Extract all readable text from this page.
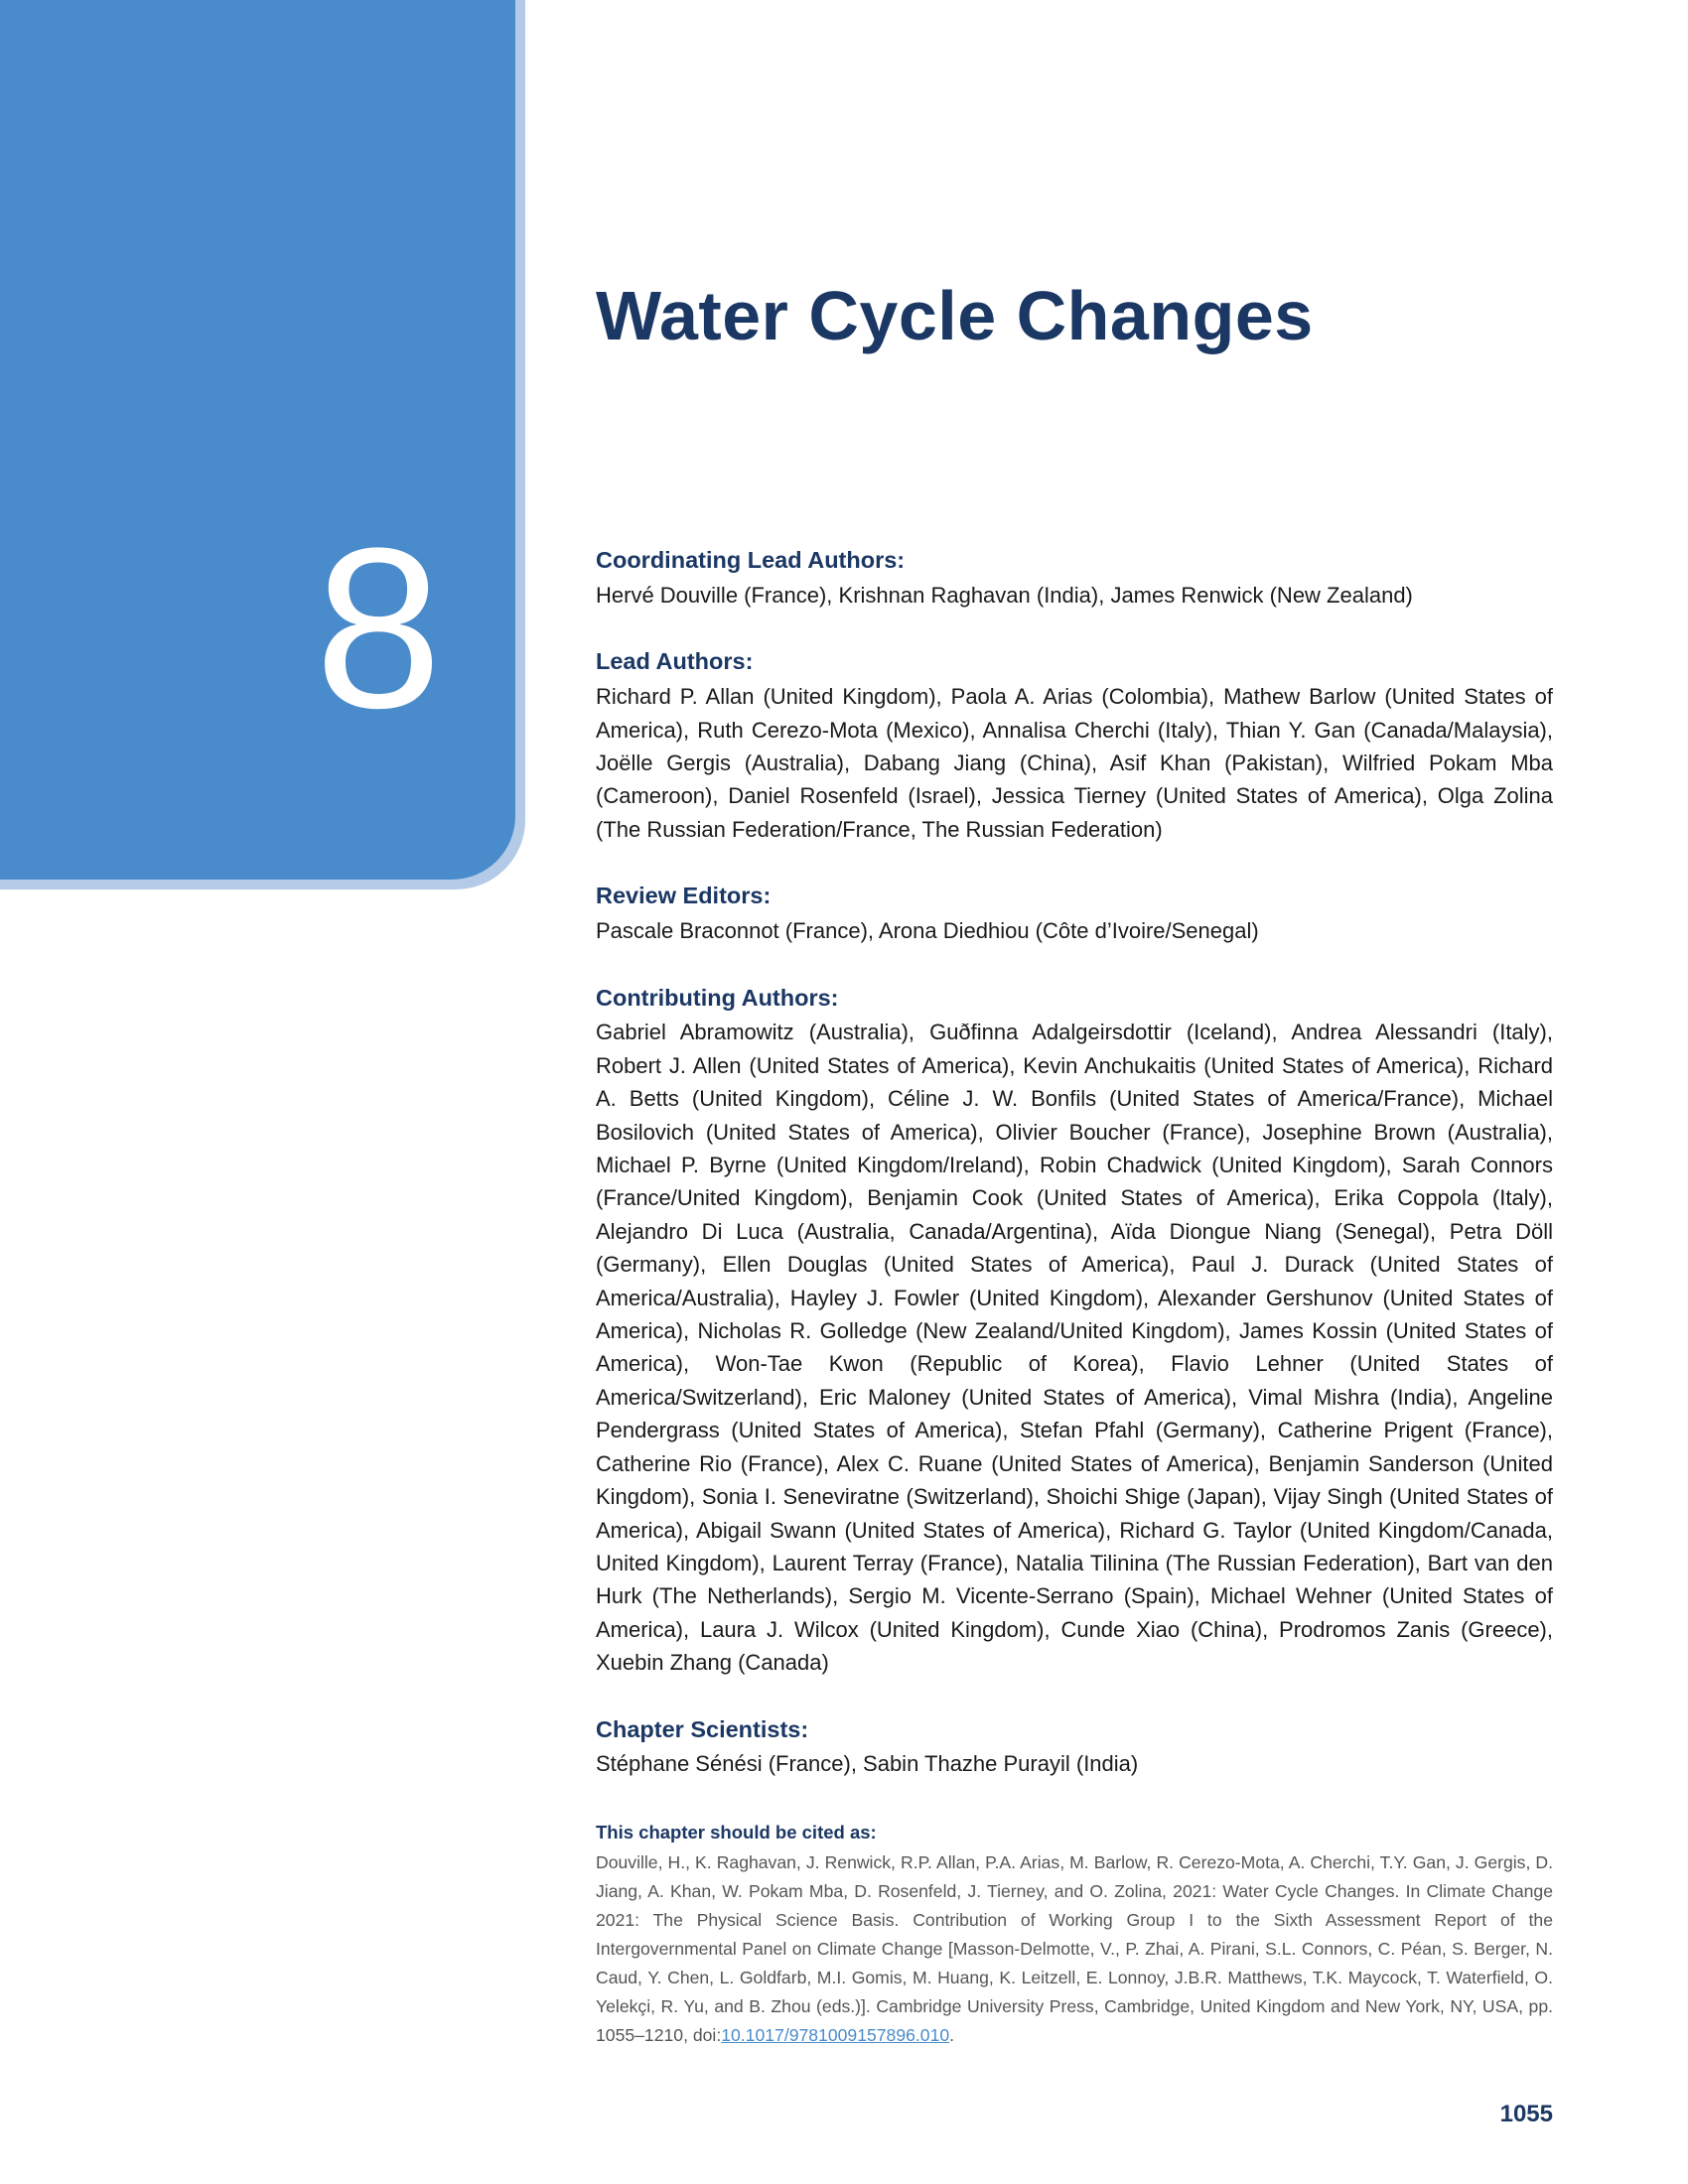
8
Water Cycle Changes
Coordinating Lead Authors:

Hervé Douville (France), Krishnan Raghavan (India), James Renwick (New Zealand)

Lead Authors:

Richard P. Allan (United Kingdom), Paola A. Arias (Colombia), Mathew Barlow (United States of America), Ruth Cerezo-Mota (Mexico), Annalisa Cherchi (Italy), Thian Y. Gan (Canada/Malaysia), Joëlle Gergis (Australia), Dabang Jiang (China), Asif Khan (Pakistan), Wilfried Pokam Mba (Cameroon), Daniel Rosenfeld (Israel), Jessica Tierney (United States of America), Olga Zolina (The Russian Federation/France, The Russian Federation)

Review Editors:

Pascale Braconnot (France), Arona Diedhiou (Côte d’Ivoire/Senegal)

Contributing Authors:

Gabriel Abramowitz (Australia), Guðfinna Adalgeirsdottir (Iceland), Andrea Alessandri (Italy), Robert J. Allen (United States of America), Kevin Anchukaitis (United States of America), Richard A. Betts (United Kingdom), Céline J. W. Bonfils (United States of America/France), Michael Bosilovich (United States of America), Olivier Boucher (France), Josephine Brown (Australia), Michael P. Byrne (United Kingdom/Ireland), Robin Chadwick (United Kingdom), Sarah Connors (France/United Kingdom), Benjamin Cook (United States of America), Erika Coppola (Italy), Alejandro Di Luca (Australia, Canada/Argentina), Aïda Diongue Niang (Senegal), Petra Döll (Germany), Ellen Douglas (United States of America), Paul J. Durack (United States of America/Australia), Hayley J. Fowler (United Kingdom), Alexander Gershunov (United States of America), Nicholas R. Golledge (New Zealand/United Kingdom), James Kossin (United States of America), Won-Tae Kwon (Republic of Korea), Flavio Lehner (United States of America/Switzerland), Eric Maloney (United States of America), Vimal Mishra (India), Angeline Pendergrass (United States of America), Stefan Pfahl (Germany), Catherine Prigent (France), Catherine Rio (France), Alex C. Ruane (United States of America), Benjamin Sanderson (United Kingdom), Sonia I. Seneviratne (Switzerland), Shoichi Shige (Japan), Vijay Singh (United States of America), Abigail Swann (United States of America), Richard G. Taylor (United Kingdom/Canada, United Kingdom), Laurent Terray (France), Natalia Tilinina (The Russian Federation), Bart van den Hurk (The Netherlands), Sergio M. Vicente-Serrano (Spain), Michael Wehner (United States of America), Laura J. Wilcox (United Kingdom), Cunde Xiao (China), Prodromos Zanis (Greece), Xuebin Zhang (Canada)

Chapter Scientists:

Stéphane Sénési (France), Sabin Thazhe Purayil (India)

This chapter should be cited as:

Douville, H., K. Raghavan, J. Renwick, R.P. Allan, P.A. Arias, M. Barlow, R. Cerezo-Mota, A. Cherchi, T.Y. Gan, J. Gergis, D. Jiang, A. Khan, W. Pokam Mba, D. Rosenfeld, J. Tierney, and O. Zolina, 2021: Water Cycle Changes. In Climate Change 2021: The Physical Science Basis. Contribution of Working Group I to the Sixth Assessment Report of the Intergovernmental Panel on Climate Change [Masson-Delmotte, V., P. Zhai, A. Pirani, S.L. Connors, C. Péan, S. Berger, N. Caud, Y. Chen, L. Goldfarb, M.I. Gomis, M. Huang, K. Leitzell, E. Lonnoy, J.B.R. Matthews, T.K. Maycock, T. Waterfield, O. Yelekçi, R. Yu, and B. Zhou (eds.)]. Cambridge University Press, Cambridge, United Kingdom and New York, NY, USA, pp. 1055–1210, doi:10.1017/9781009157896.010.

1055
